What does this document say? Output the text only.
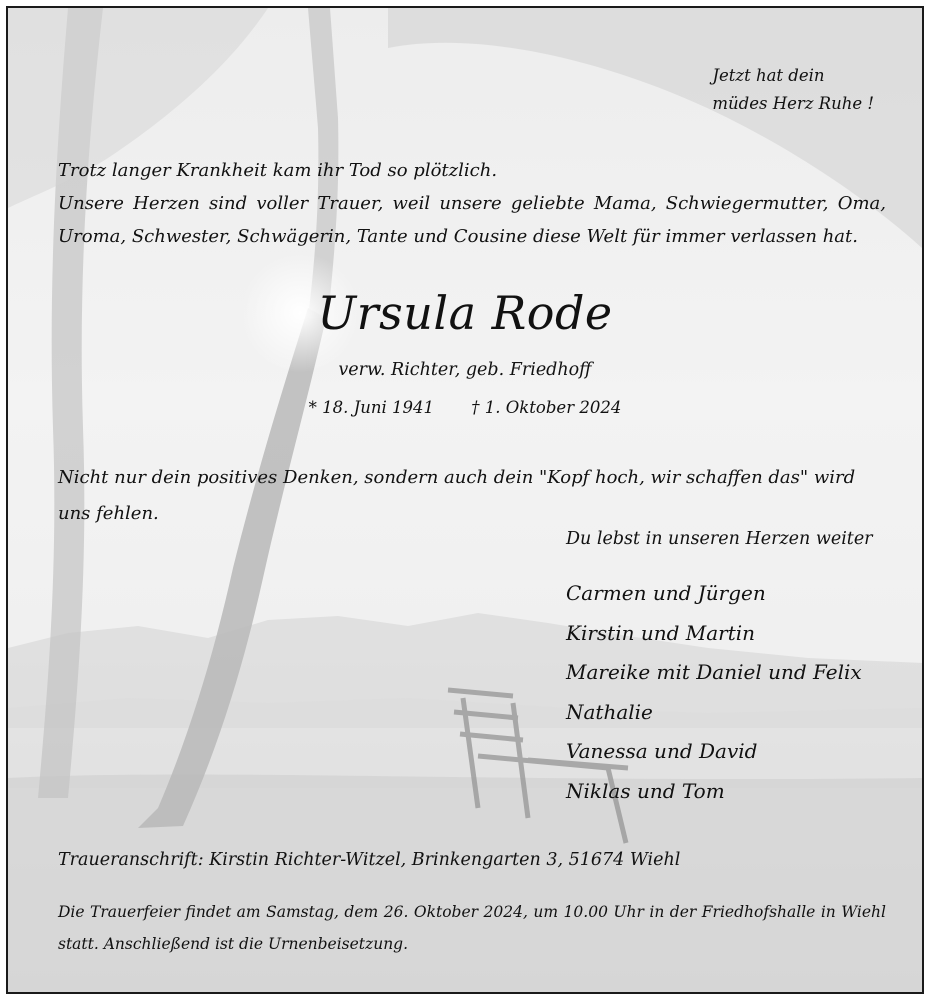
Jetzt hat dein
müdes Herz Ruhe !

Trotz langer Krankheit kam ihr Tod so plötzlich.

Unsere Herzen sind voller Trauer, weil unsere geliebte Mama, Schwiegermutter, Oma, Uroma, Schwester, Schwägerin, Tante und Cousine diese Welt für immer verlassen hat.

Ursula Rode
verw. Richter, geb. Friedhoff
* 18. Juni 1941 † 1. Oktober 2024
Nicht nur dein positives Denken, sondern auch dein "Kopf hoch, wir schaffen das" wird uns fehlen.
Du lebst in unseren Herzen weiter
Carmen und Jürgen
Kirstin und Martin
Mareike mit Daniel und Felix
Nathalie
Vanessa und David
Niklas und Tom
Traueranschrift: Kirstin Richter-Witzel, Brinkengarten 3, 51674 Wiehl
Die Trauerfeier findet am Samstag, dem 26. Oktober 2024, um 10.00 Uhr in der Friedhofshalle in Wiehl statt. Anschließend ist die Urnenbeisetzung.
